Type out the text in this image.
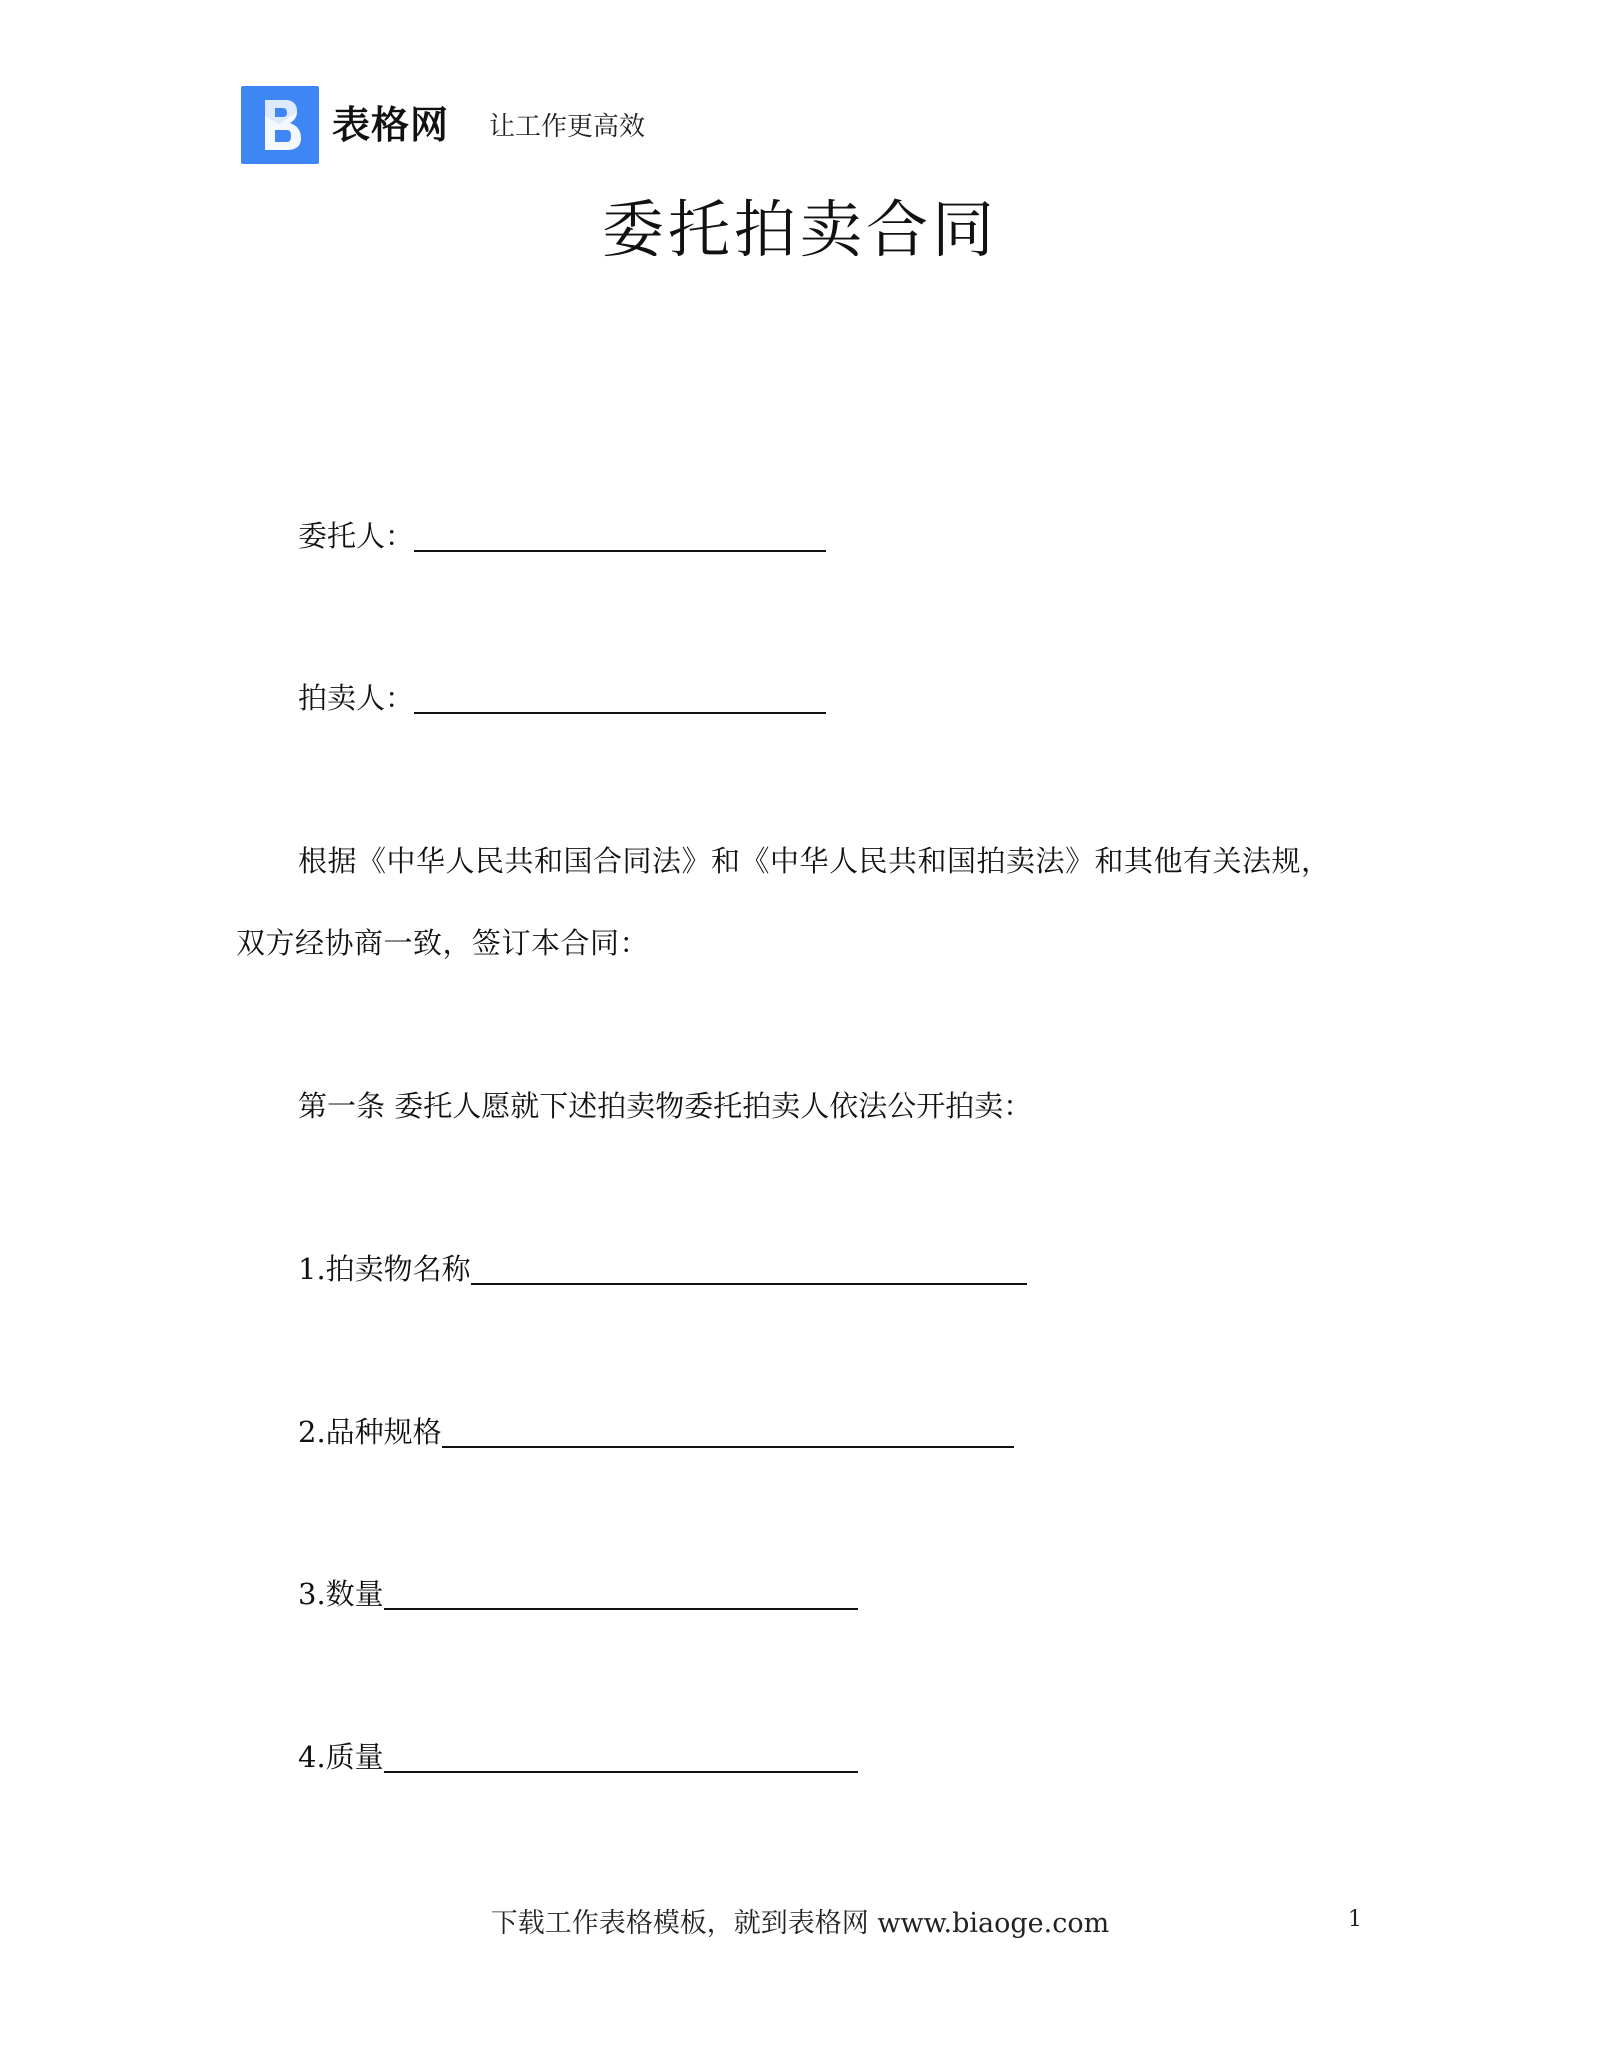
表格网 让工作更高效
委托拍卖合同
委托人：
拍卖人：
根据《中华人民共和国合同法》和《中华人民共和国拍卖法》和其他有关法规，双方经协商一致，签订本合同：
第一条 委托人愿就下述拍卖物委托拍卖人依法公开拍卖：
1.拍卖物名称
2.品种规格
3.数量
4.质量
下载工作表格模板，就到表格网 www.biaoge.com	1
